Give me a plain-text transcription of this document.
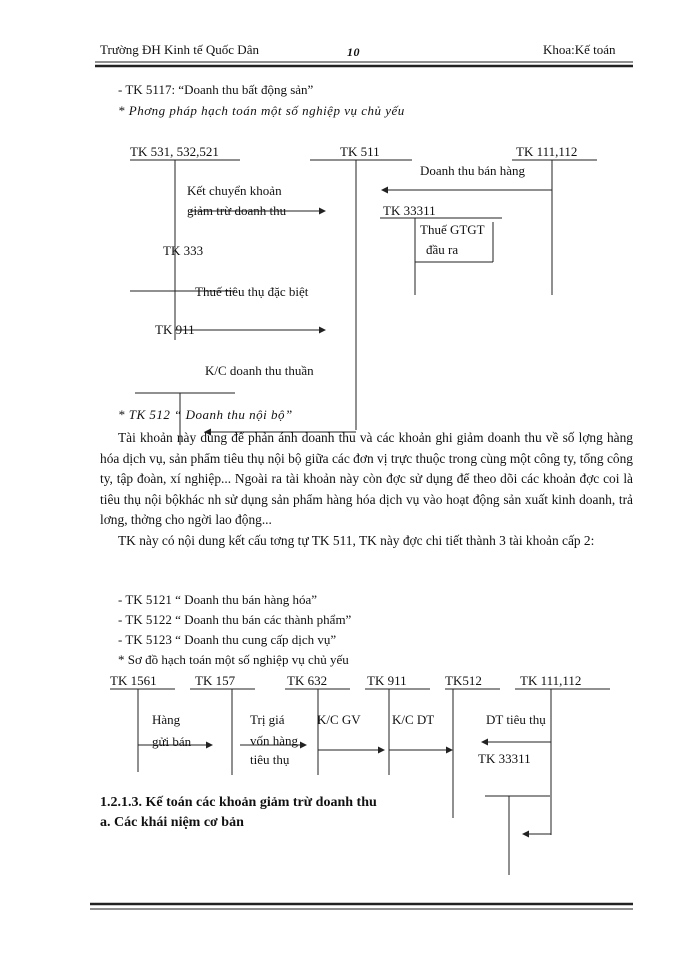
Trường ĐH Kinh tế Quốc Dân	10	Khoa:Kế toán
- TK 5117: “Doanh thu bất động sản”
* Phơng pháp hạch toán một số nghiệp vụ chủ yếu
TK 531, 532,521	TK 511	TK 111,112
Doanh thu bán hàng
Kết chuyển khoản
giảm trừ doanh thu	TK 33311
Thuế GTGT
đầu ra
TK 333
Thuế tiêu thụ đặc biệt
TK 911
K/C doanh thu thuần
* TK 512 “ Doanh thu nội bộ”

Tài khoản này dùng để phản ánh doanh thu và các khoản ghi giảm doanh thu về số lợng hàng hóa dịch vụ, sản phẩm tiêu thụ nội bộ giữa các đơn vị trực thuộc trong cùng một công ty, tổng công ty, tập đoàn, xí nghiệp... Ngoài ra tài khoản này còn đợc sử dụng để theo dõi các khoản đợc coi là tiêu thụ nội bộkhác nh sử dụng sản phẩm hàng hóa dịch vụ vào hoạt động sản xuất kinh doanh, trả lơng, thởng cho ngời lao động...

TK này có nội dung kết cấu tơng tự TK 511, TK này đợc chi tiết thành 3 tài khoản cấp 2:

- TK 5121 “ Doanh thu bán hàng hóa”
- TK 5122 “ Doanh thu bán các thành phẩm”
- TK 5123 “ Doanh thu cung cấp dịch vụ”
* Sơ đồ hạch toán một số nghiệp vụ chủ yếu
TK 1561	TK 157	TK 632	TK 911	TK512	TK 111,112
Hàng
gửi bán
Trị giá
vốn hàng
tiêu thụ
K/C GV K/C DT	DT tiêu thụ
TK 33311
1.2.1.3. Kế toán các khoản giảm trừ doanh thu
a. Các khái niệm cơ bản
